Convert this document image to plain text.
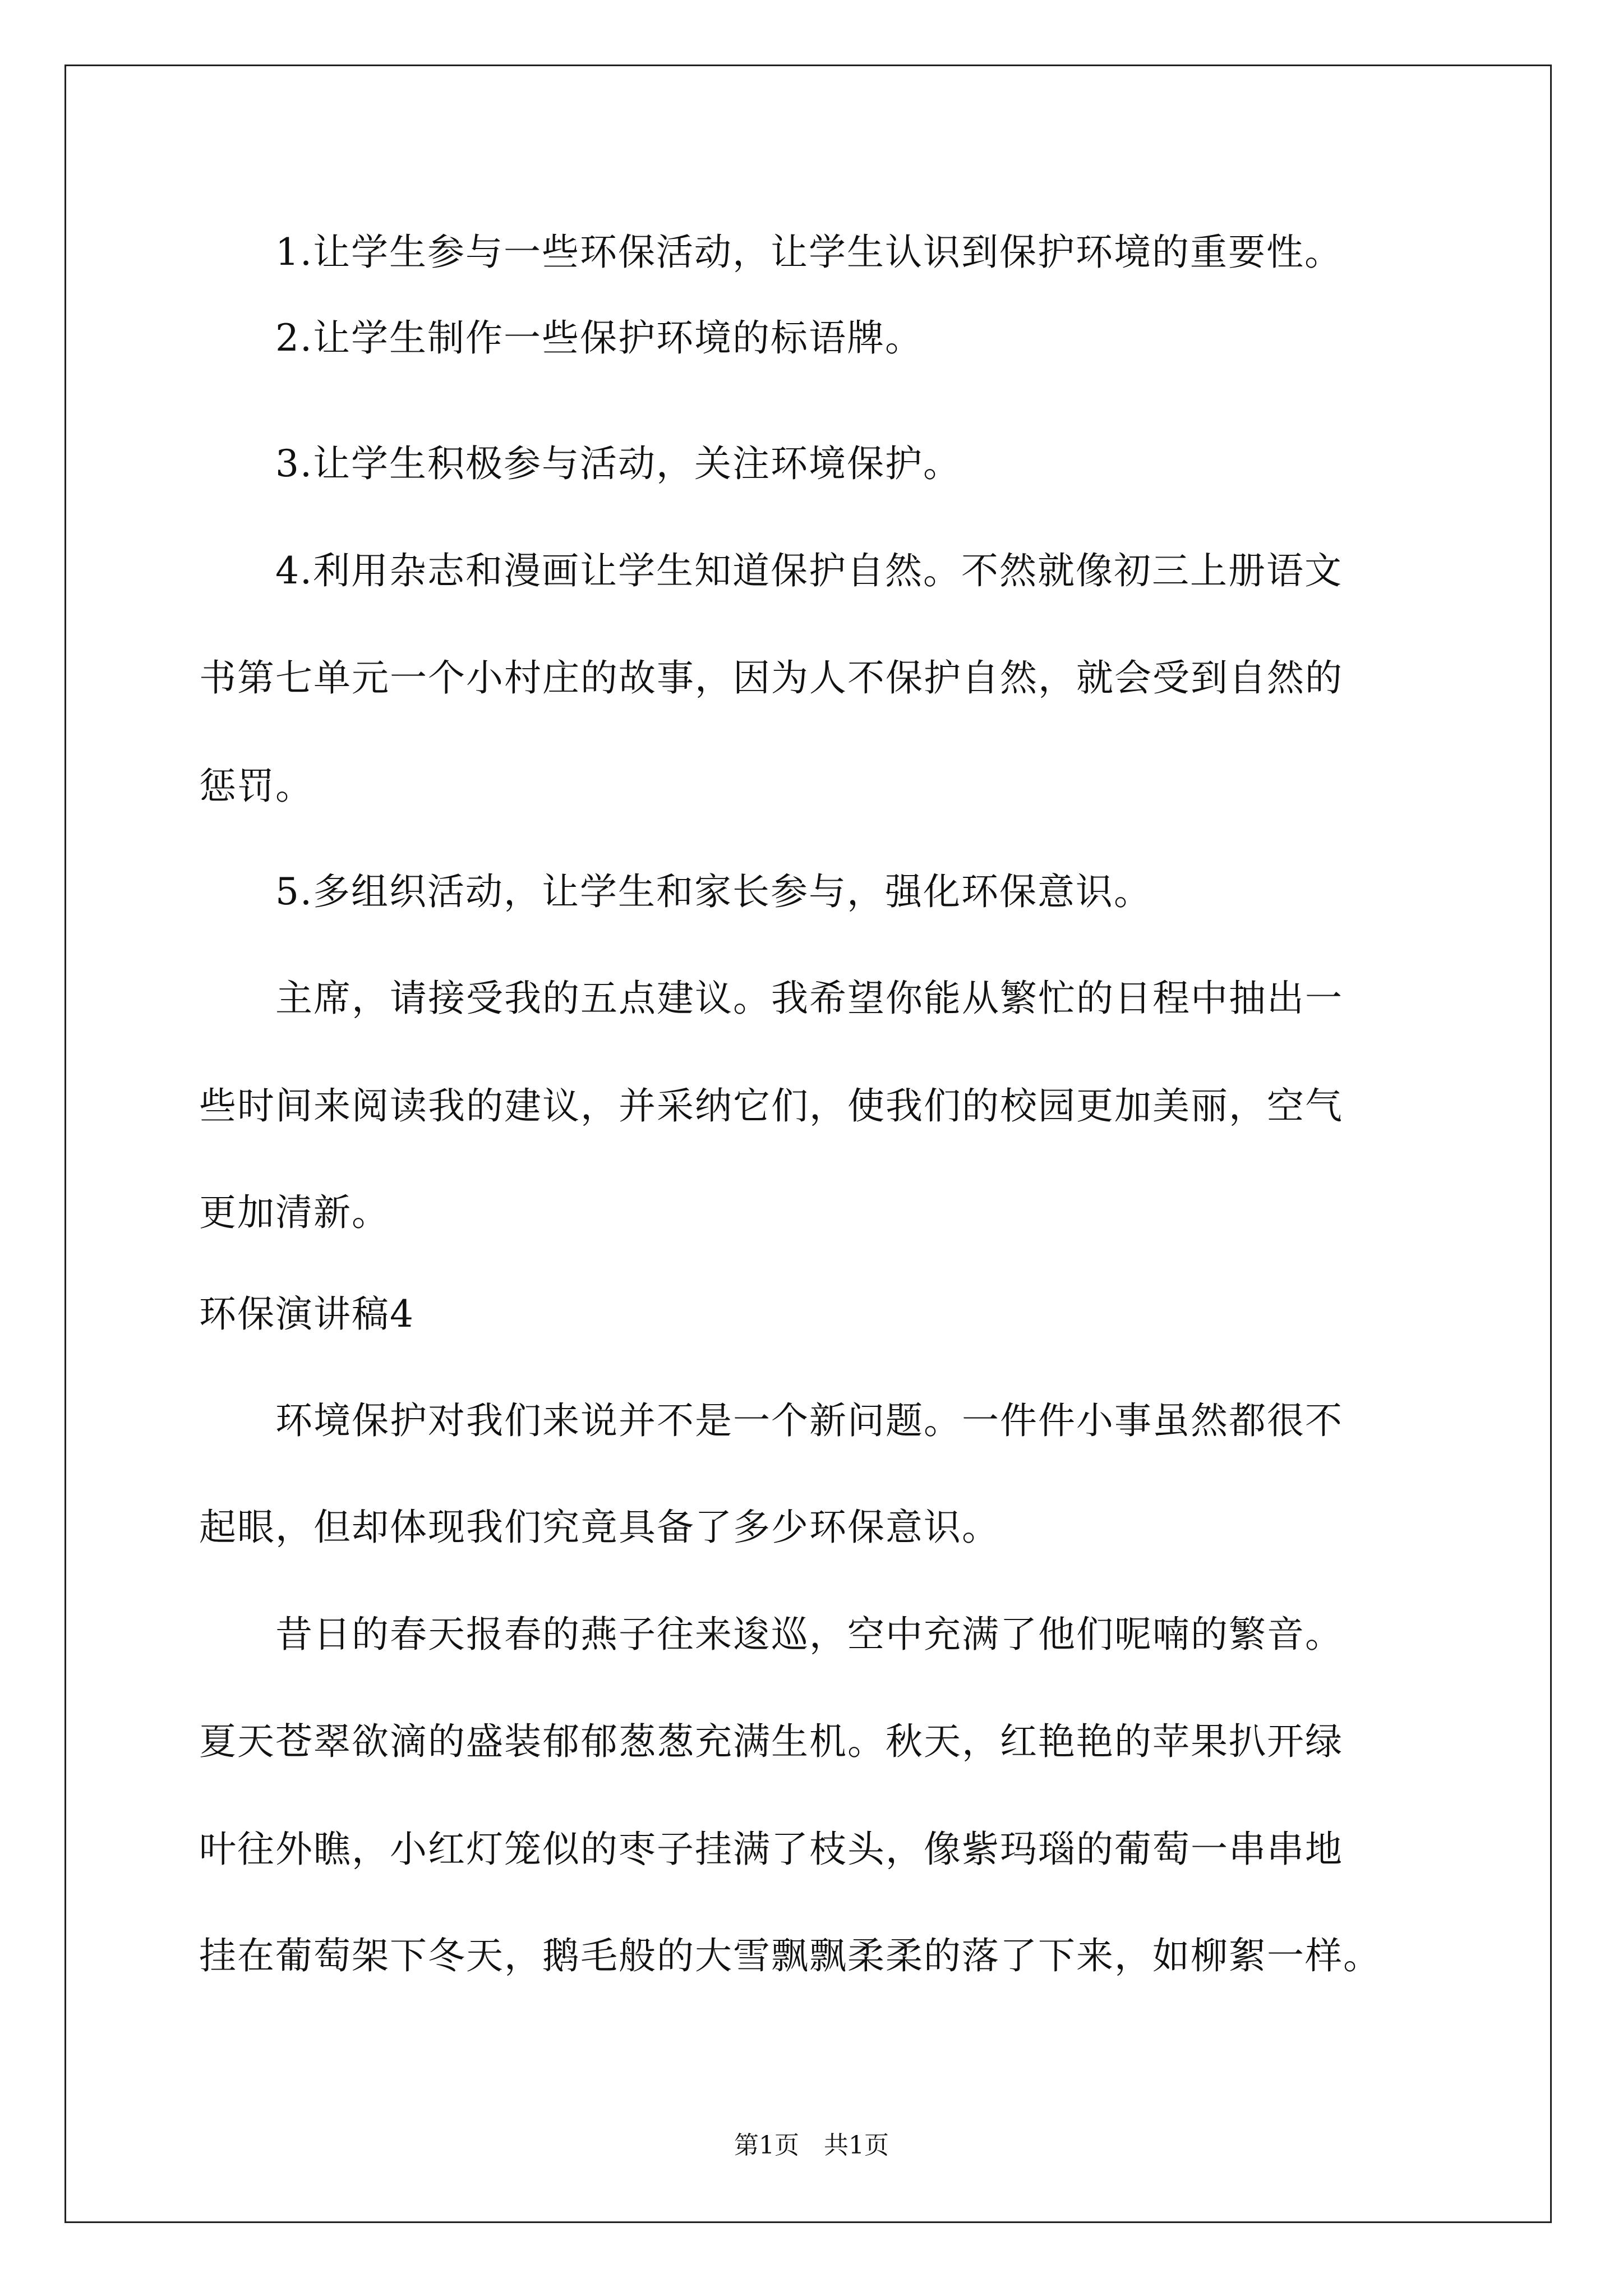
　　1.让学生参与一些环保活动，让学生认识到保护环境的重要性。
　　2.让学生制作一些保护环境的标语牌。
　　3.让学生积极参与活动，关注环境保护。
　　4.利用杂志和漫画让学生知道保护自然。不然就像初三上册语文
书第七单元一个小村庄的故事，因为人不保护自然，就会受到自然的
惩罚。
　　5.多组织活动，让学生和家长参与，强化环保意识。
　　主席，请接受我的五点建议。我希望你能从繁忙的日程中抽出一
些时间来阅读我的建议，并采纳它们，使我们的校园更加美丽，空气
更加清新。
环保演讲稿4
　　环境保护对我们来说并不是一个新问题。一件件小事虽然都很不
起眼，但却体现我们究竟具备了多少环保意识。
　　昔日的春天报春的燕子往来逡巡，空中充满了他们呢喃的繁音。
夏天苍翠欲滴的盛装郁郁葱葱充满生机。秋天，红艳艳的苹果扒开绿
叶往外瞧，小红灯笼似的枣子挂满了枝头，像紫玛瑙的葡萄一串串地
挂在葡萄架下冬天，鹅毛般的大雪飘飘柔柔的落了下来，如柳絮一样。
第1页　共1页
